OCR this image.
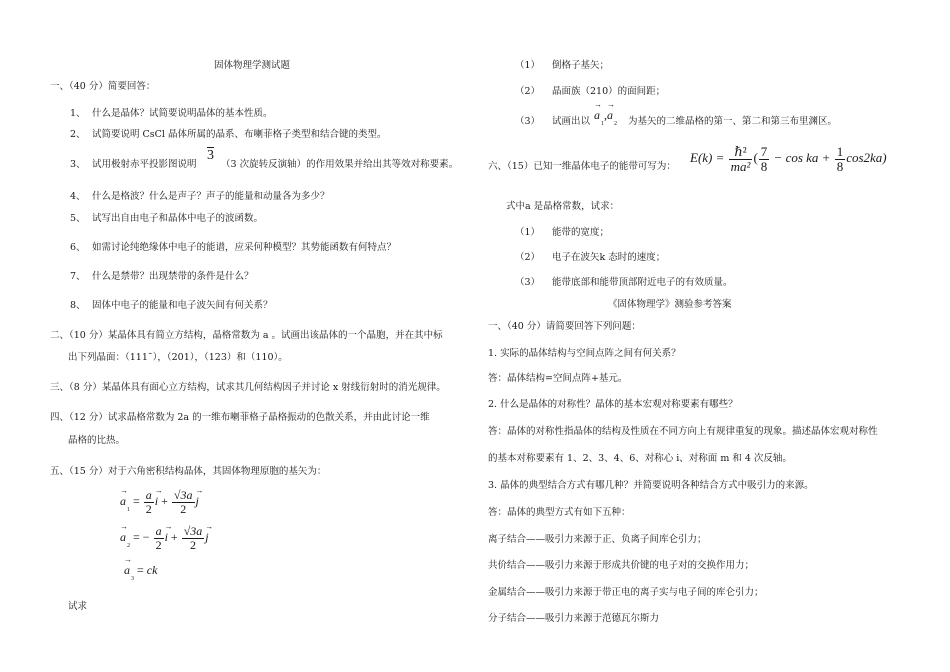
固体物理学测试题
一、（40 分）简要回答：
1、 什么是晶体？试简要说明晶体的基本性质。
2、 试简要说明 CsCl 晶体所属的晶系、布喇菲格子类型和结合键的类型。
3、 试用极射赤平投影图说明
3
（3 次旋转反演轴）的作用效果并给出其等效对称要素。
4、 什么是格波？什么是声子？声子的能量和动量各为多少？
5、 试写出自由电子和晶体中电子的波函数。
6、 如需讨论纯绝缘体中电子的能谱，应采何种模型？其势能函数有何特点？
7、 什么是禁带？出现禁带的条件是什么？
8、 固体中电子的能量和电子波矢间有何关系？
二、（10 分）某晶体具有简立方结构，晶格常数为 a 。试画出该晶体的一个晶胞，并在其中标
出下列晶面：（111¯），（201），（123）和（110）。
三、（8 分）某晶体具有面心立方结构，试求其几何结构因子并讨论 x 射线衍射时的消光规律。
四、（12 分）试求晶格常数为 2a 的一维布喇菲格子晶格振动的色散关系，并由此讨论一维
晶格的比热。
五、（15 分）对于六角密积结构晶体，其固体物理原胞的基矢为：
→ $a_1 = \frac{a}{2} \to i + \frac{√3a}{2} \to j$
→ $a_2$ = − $\frac{a}{2} \to i + \frac{√3a}{2} \to j$
→ $a_3$ = ck
试求
（1） 倒格子基矢；
（2） 晶面族（210）的面间距；
（3） 试画出以 → $a_1,\to a_2$ 为基矢的二维晶格的第一、第二和第三布里渊区。
六、（15）已知一维晶体电子的能带可写为：
$E(k) = \frac{\text{ℏ²}}{\text{ma²}}$ ( $\frac{7}{8} - \cos$ ka + $\frac{1}{8} \cos 2ka$)
式中a 是晶格常数，试求：
（1） 能带的宽度；
（2） 电子在波矢k 态时的速度；
（3） 能带底部和能带顶部附近电子的有效质量。
《固体物理学》测验参考答案
一、（40 分）请简要回答下列问题：
1. 实际的晶体结构与空间点阵之间有何关系？
答：晶体结构=空间点阵+基元。
2. 什么是晶体的对称性？晶体的基本宏观对称要素有哪些？
答：晶体的对称性指晶体的结构及性质在不同方向上有规律重复的现象。描述晶体宏观对称性
的基本对称要素有 1、2、3、4、6、对称心 i、对称面 m 和 4 次反轴。
3. 晶体的典型结合方式有哪几种？并简要说明各种结合方式中吸引力的来源。
答：晶体的典型方式有如下五种：
离子结合——吸引力来源于正、负离子间库仑引力；
共价结合——吸引力来源于形成共价键的电子对的交换作用力；
金属结合——吸引力来源于带正电的离子实与电子间的库仑引力；
分子结合——吸引力来源于范德瓦尔斯力
